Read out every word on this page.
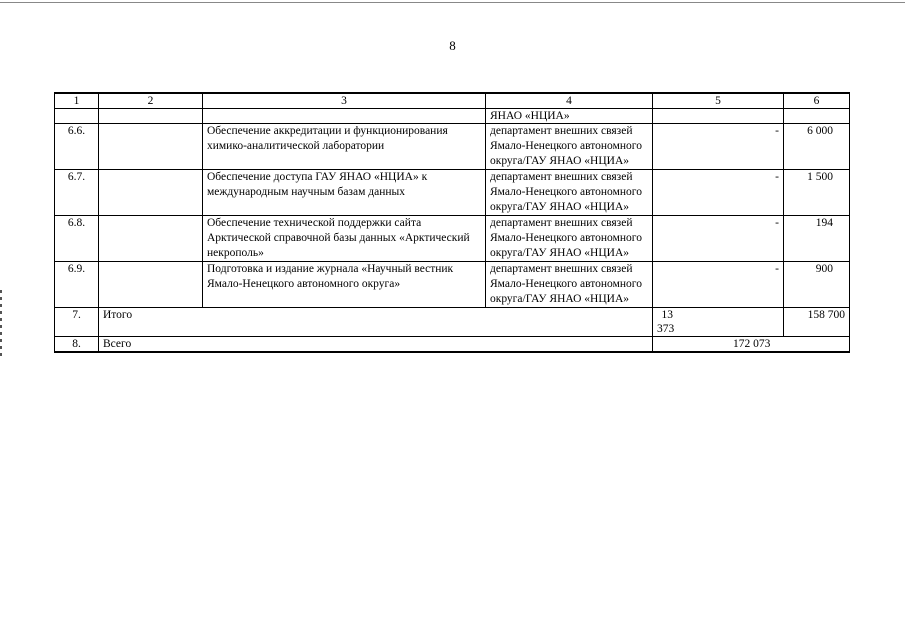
8
1	2	3	4	5	6
			ЯНАО «НЦИА»		
6.6.		Обеспечение аккредитации и функционирования химико-аналитической лаборатории	департамент внешних связей Ямало-Ненецкого автономного округа/ГАУ ЯНАО «НЦИА»	-	6 000
6.7.		Обеспечение доступа ГАУ ЯНАО «НЦИА» к международным научным базам данных	департамент внешних связей Ямало-Ненецкого автономного округа/ГАУ ЯНАО «НЦИА»	-	1 500
6.8.		Обеспечение технической поддержки сайта Арктической справочной базы данных «Арктический некрополь»	департамент внешних связей Ямало-Ненецкого автономного округа/ГАУ ЯНАО «НЦИА»	-	194
6.9.		Подготовка и издание журнала «Научный вестник Ямало-Ненецкого автономного округа»	департамент внешних связей Ямало-Ненецкого автономного округа/ГАУ ЯНАО «НЦИА»	-	900
7.	Итого			13 373	158 700
8.	Всего			172 073	
